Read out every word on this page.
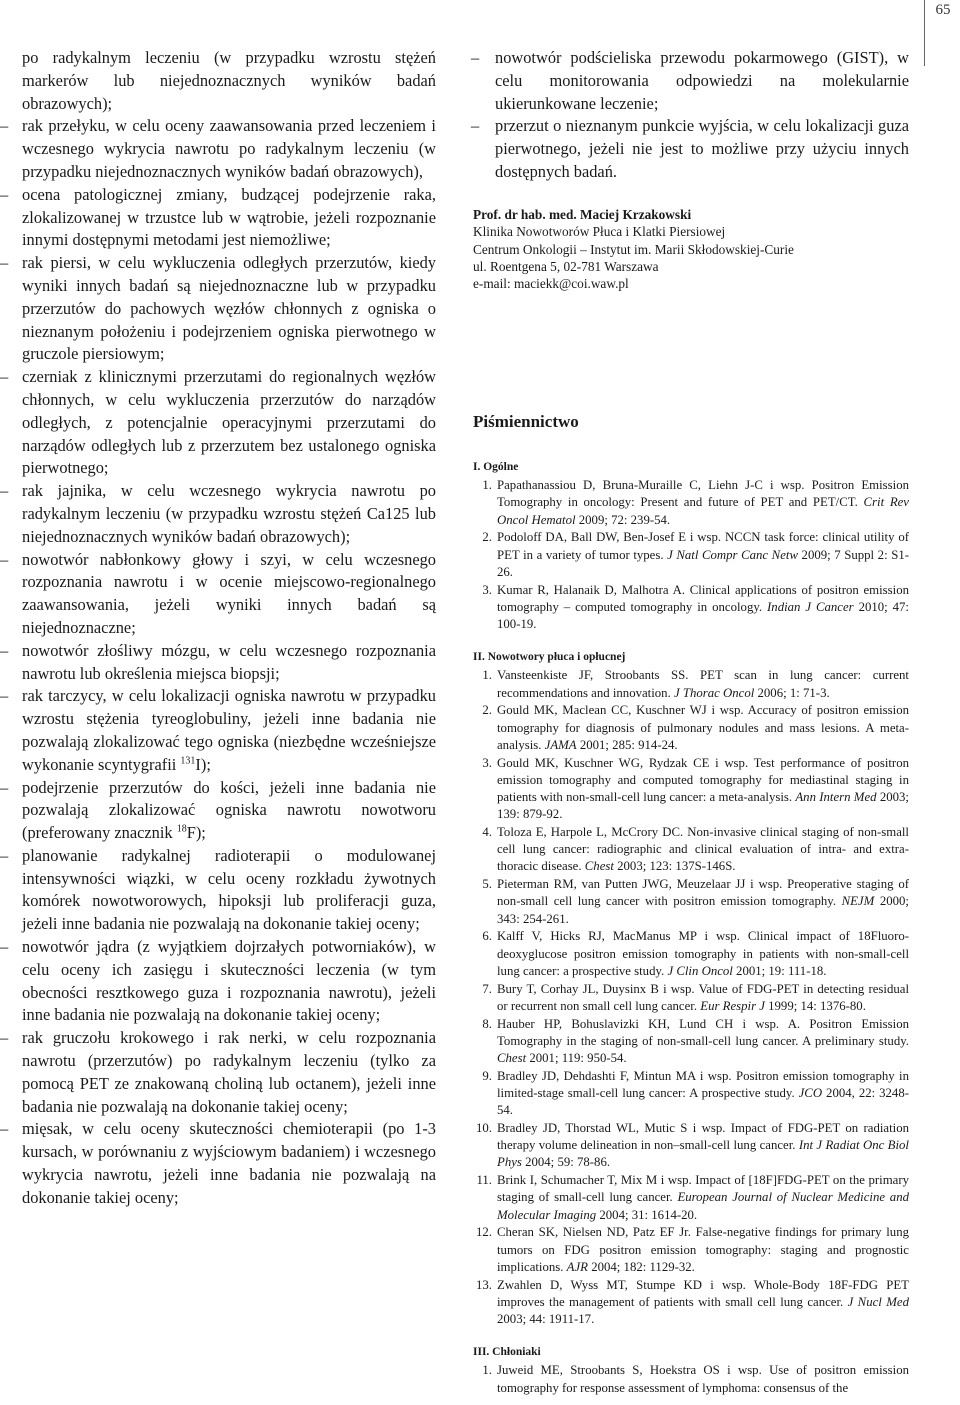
65

po radykalnym leczeniu (w przypadku wzrostu stężeń markerów lub niejednoznacznych wyników badań obrazowych);

– rak przełyku, w celu oceny zaawansowania przed leczeniem i wczesnego wykrycia nawrotu po radykalnym leczeniu (w przypadku niejednoznacznych wyników badań obrazowych),

– ocena patologicznej zmiany, budzącej podejrzenie raka, zlokalizowanej w trzustce lub w wątrobie, jeżeli rozpoznanie innymi dostępnymi metodami jest niemożliwe;

– rak piersi, w celu wykluczenia odległych przerzutów, kiedy wyniki innych badań są niejednoznaczne lub w przypadku przerzutów do pachowych węzłów chłonnych z ogniska o nieznanym położeniu i podejrzeniem ogniska pierwotnego w gruczole piersiowym;

– czerniak z klinicznymi przerzutami do regionalnych węzłów chłonnych, w celu wykluczenia przerzutów do narządów odległych, z potencjalnie operacyjnymi przerzutami do narządów odległych lub z przerzutem bez ustalonego ogniska pierwotnego;

– rak jajnika, w celu wczesnego wykrycia nawrotu po radykalnym leczeniu (w przypadku wzrostu stężeń Ca125 lub niejednoznacznych wyników badań obrazowych);

– nowotwór nabłonkowy głowy i szyi, w celu wczesnego rozpoznania nawrotu i w ocenie miejscowo-regionalnego zaawansowania, jeżeli wyniki innych badań są niejednoznaczne;

– nowotwór złośliwy mózgu, w celu wczesnego rozpoznania nawrotu lub określenia miejsca biopsji;

– rak tarczycy, w celu lokalizacji ogniska nawrotu w przypadku wzrostu stężenia tyreoglobuliny, jeżeli inne badania nie pozwalają zlokalizować tego ogniska (niezbędne wcześniejsze wykonanie scyntygrafii $^{131}$I);

– podejrzenie przerzutów do kości, jeżeli inne badania nie pozwalają zlokalizować ogniska nawrotu nowotworu (preferowany znacznik $^{18}$F);

– planowanie radykalnej radioterapii o modulowanej intensywności wiązki, w celu oceny rozkładu żywotnych komórek nowotworowych, hipoksji lub proliferacji guza, jeżeli inne badania nie pozwalają na dokonanie takiej oceny;

– nowotwór jądra (z wyjątkiem dojrzałych potworniaków), w celu oceny ich zasięgu i skuteczności leczenia (w tym obecności resztkowego guza i rozpoznania nawrotu), jeżeli inne badania nie pozwalają na dokonanie takiej oceny;

– rak gruczołu krokowego i rak nerki, w celu rozpoznania nawrotu (przerzutów) po radykalnym leczeniu (tylko za pomocą PET ze znakowaną choliną lub octanem), jeżeli inne badania nie pozwalają na dokonanie takiej oceny;

– mięsak, w celu oceny skuteczności chemioterapii (po 1-3 kursach, w porównaniu z wyjściowym badaniem) i wczesnego wykrycia nawrotu, jeżeli inne badania nie pozwalają na dokonanie takiej oceny;

– nowotwór podścieliska przewodu pokarmowego (GIST), w celu monitorowania odpowiedzi na molekularnie ukierunkowane leczenie;

– przerzut o nieznanym punkcie wyjścia, w celu lokalizacji guza pierwotnego, jeżeli nie jest to możliwe przy użyciu innych dostępnych badań.

Prof. dr hab. med. Maciej Krzakowski
Klinika Nowotworów Płuca i Klatki Piersiowej
Centrum Onkologii – Instytut im. Marii Skłodowskiej-Curie
ul. Roentgena 5, 02-781 Warszawa
e-mail: maciekk@coi.waw.pl
Piśmiennictwo
I. Ogólne
1. Papathanassiou D, Bruna-Muraille C, Liehn J-C i wsp. Positron Emission Tomography in oncology: Present and future of PET and PET/CT. Crit Rev Oncol Hematol 2009; 72: 239-54.
2. Podoloff DA, Ball DW, Ben-Josef E i wsp. NCCN task force: clinical utility of PET in a variety of tumor types. J Natl Compr Canc Netw 2009; 7 Suppl 2: S1-26.
3. Kumar R, Halanaik D, Malhotra A. Clinical applications of positron emission tomography – computed tomography in oncology. Indian J Cancer 2010; 47: 100-19.
II. Nowotwory płuca i opłucnej
1. Vansteenkiste JF, Stroobants SS. PET scan in lung cancer: current recommendations and innovation. J Thorac Oncol 2006; 1: 71-3.
2. Gould MK, Maclean CC, Kuschner WJ i wsp. Accuracy of positron emission tomography for diagnosis of pulmonary nodules and mass lesions. A meta-analysis. JAMA 2001; 285: 914-24.
3. Gould MK, Kuschner WG, Rydzak CE i wsp. Test performance of positron emission tomography and computed tomography for mediastinal staging in patients with non-small-cell lung cancer: a meta-analysis. Ann Intern Med 2003; 139: 879-92.
4. Toloza E, Harpole L, McCrory DC. Non-invasive clinical staging of non-small cell lung cancer: radiographic and clinical evaluation of intra- and extra-thoracic disease. Chest 2003; 123: 137S-146S.
5. Pieterman RM, van Putten JWG, Meuzelaar JJ i wsp. Preoperative staging of non-small cell lung cancer with positron emission tomography. NEJM 2000; 343: 254-261.
6. Kalff V, Hicks RJ, MacManus MP i wsp. Clinical impact of 18Fluoro-deoxyglucose positron emission tomography in patients with non-small-cell lung cancer: a prospective study. J Clin Oncol 2001; 19: 111-18.
7. Bury T, Corhay JL, Duysinx B i wsp. Value of FDG-PET in detecting residual or recurrent non small cell lung cancer. Eur Respir J 1999; 14: 1376-80.
8. Hauber HP, Bohuslavizki KH, Lund CH i wsp. A. Positron Emission Tomography in the staging of non-small-cell lung cancer. A preliminary study. Chest 2001; 119: 950-54.
9. Bradley JD, Dehdashti F, Mintun MA i wsp. Positron emission tomography in limited-stage small-cell lung cancer: A prospective study. JCO 2004, 22: 3248-54.
10. Bradley JD, Thorstad WL, Mutic S i wsp. Impact of FDG-PET on radiation therapy volume delineation in non–small-cell lung cancer. Int J Radiat Onc Biol Phys 2004; 59: 78-86.
11. Brink I, Schumacher T, Mix M i wsp. Impact of [18F]FDG-PET on the primary staging of small-cell lung cancer. European Journal of Nuclear Medicine and Molecular Imaging 2004; 31: 1614-20.
12. Cheran SK, Nielsen ND, Patz EF Jr. False-negative findings for primary lung tumors on FDG positron emission tomography: staging and prognostic implications. AJR 2004; 182: 1129-32.
13. Zwahlen D, Wyss MT, Stumpe KD i wsp. Whole-Body 18F-FDG PET improves the management of patients with small cell lung cancer. J Nucl Med 2003; 44: 1911-17.
III. Chłoniaki
1. Juweid ME, Stroobants S, Hoekstra OS i wsp. Use of positron emission tomography for response assessment of lymphoma: consensus of the
